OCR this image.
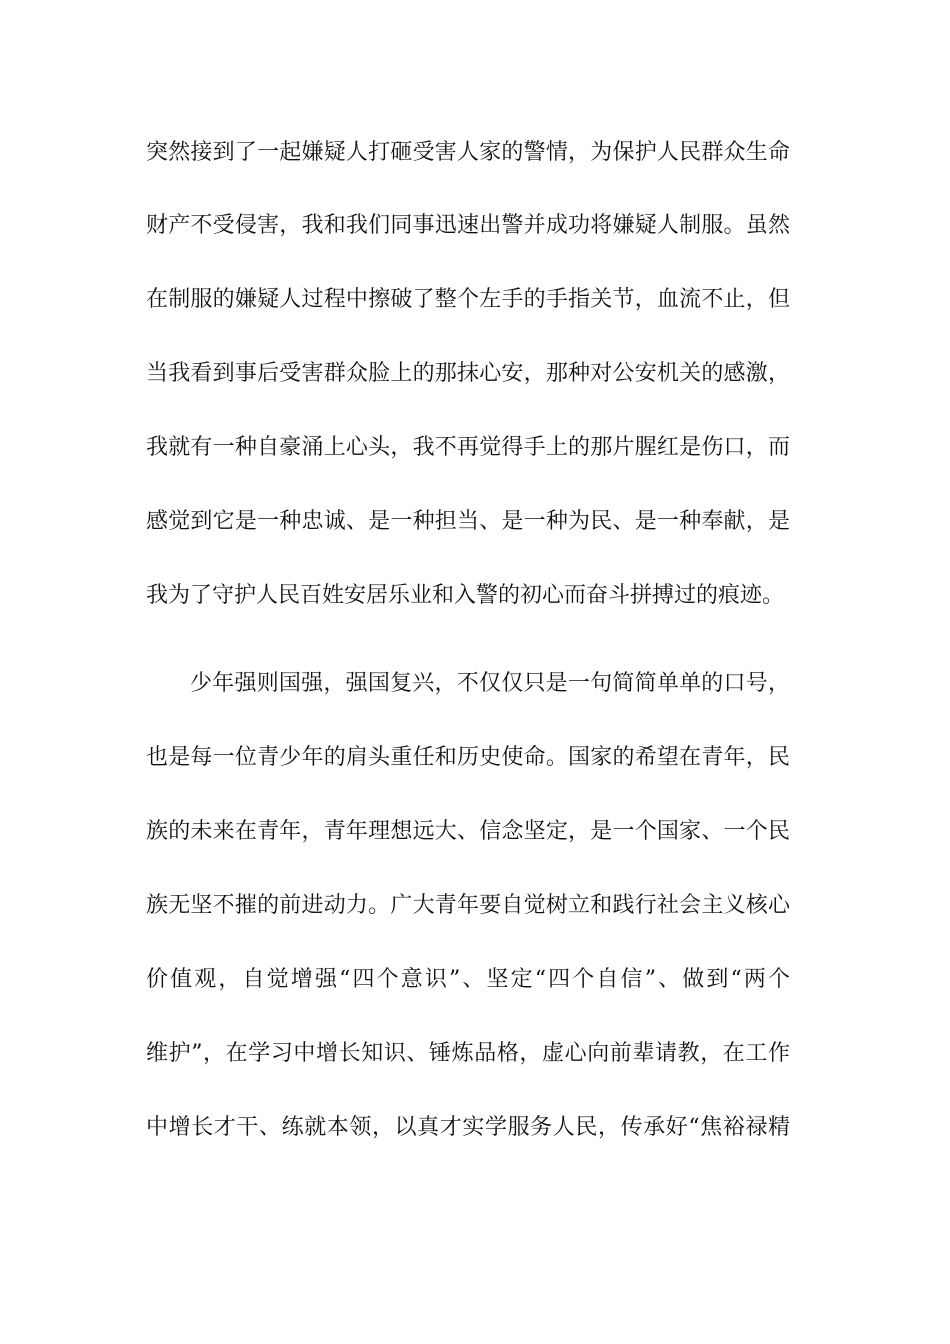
突然接到了一起嫌疑人打砸受害人家的警情，为保护人民群众生命
财产不受侵害，我和我们同事迅速出警并成功将嫌疑人制服。虽然
在制服的嫌疑人过程中擦破了整个左手的手指关节，血流不止，但
当我看到事后受害群众脸上的那抹心安，那种对公安机关的感激，
我就有一种自豪涌上心头，我不再觉得手上的那片腥红是伤口，而
感觉到它是一种忠诚、是一种担当、是一种为民、是一种奉献，是
我为了守护人民百姓安居乐业和入警的初心而奋斗拼搏过的痕迹。
少年强则国强，强国复兴，不仅仅只是一句简简单单的口号，
也是每一位青少年的肩头重任和历史使命。国家的希望在青年，民
族的未来在青年，青年理想远大、信念坚定，是一个国家、一个民
族无坚不摧的前进动力。广大青年要自觉树立和践行社会主义核心
价值观，自觉增强“四个意识”、坚定“四个自信”、做到“两个
维护”，在学习中增长知识、锤炼品格，虚心向前辈请教，在工作
中增长才干、练就本领，以真才实学服务人民，传承好“焦裕禄精
